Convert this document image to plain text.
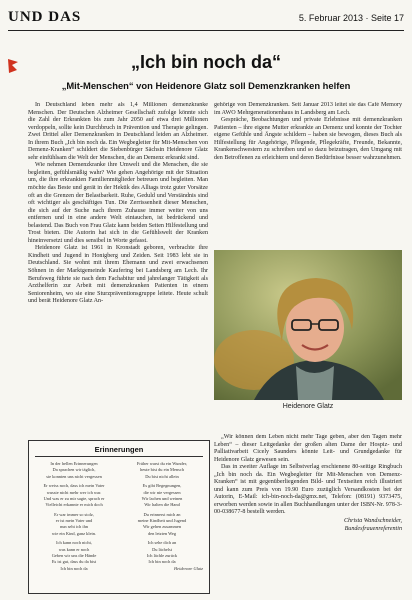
UND DAS	5. Februar 2013 · Seite 17
„Ich bin noch da“
„Mit-Menschen“ von Heidenore Glatz soll Demenzkranken helfen

In Deutschland leben mehr als 1,4 Millionen demenzkranke Menschen. Der Deutschen Alzheimer Gesellschaft zufolge könnte sich die Zahl der Erkrankten bis zum Jahr 2050 auf etwa drei Millionen verdoppeln, sollte kein Durchbruch in Prävention und Therapie gelingen. Zwei Drittel aller Demenzkranken in Deutschland leiden an Alzheimer. In ihrem Buch „Ich bin noch da. Ein Wegbegleiter für Mit-Menschen von Demenz-Kranken“ schildert die Siebenbürger Sächsin Heidenore Glatz sehr einfühlsam die Welt der Menschen, die an Demenz erkrankt sind.

Wie nehmen Demenzkranke ihre Umwelt und die Menschen, die sie begleiten, gefühlsmäßig wahr? Wie gehen Angehörige mit der Situation um, die ihre erkrankten Familienmitglieder betreuen und begleiten. Man möchte das Beste und gerät in der Hektik des Alltags trotz guter Vorsätze oft an die Grenzen der Belastbarkeit. Ruhe, Geduld und Verständnis sind oft wichtiger als geschäftiges Tun. Die Zerrissenheit dieser Menschen, die sich auf der Suche nach ihrem Zuhause immer weiter von uns entfernen und in eine andere Welt eintauchen, ist bedrückend und belastend. Das Buch von Frau Glatz kann beiden Seiten Hilfestellung und Trost bieten. Die Autorin hat sich in die Gefühlswelt der Kranken hineinversetzt und dies sensibel in Worte gefasst.

Heidenore Glatz ist 1961 in Kronstadt geboren, verbrachte ihre Kindheit und Jugend in Honigberg und Zeiden. Seit 1983 lebt sie in Deutschland. Sie wohnt mit ihrem Ehemann und zwei erwachsenen Söhnen in der Marktgemeinde Kaufering bei Landsberg am Lech. Ihr Berufsweg führte sie nach dem Fachabitur und jahrelanger Tätigkeit als Arzthelferin zur Arbeit mit demenzkranken Patienten in einem Seniorenheim, wo sie eine Sturzpräventionsgruppe leitete. Heute schult und berät Heidenore Glatz An-

gehörige von Demenzkranken. Seit Januar 2013 leitet sie das Café Memory im AWO Mehrgenerationenhaus in Landsberg am Lech.

Gespräche, Beobachtungen und private Erlebnisse mit demenzkranken Patienten – ihre eigene Mutter erkrankte an Demenz und konnte der Tochter eigene Gefühle und Ängste schildern – haben sie bewogen, dieses Buch als Hilfestellung für Angehörige, Pflegende, Pflegekräfte, Freunde, Bekannte, Krankenschwestern zu schreiben und so dazu beizutragen, den Umgang mit den Betroffenen zu erleichtern und deren Bedürfnisse besser wahrzunehmen.

Heidenore Glatz

„Wir können dem Leben nicht mehr Tage geben, aber den Tagen mehr Leben“ – dieser Leitgedanke der großen alten Dame der Hospiz- und Palliativarbeit Cicely Saunders könnte Leit- und Grundgedanke für Heidenore Glatz gewesen sein.

Das in zweiter Auflage im Selbstverlag erschienene 80-seitige Ringbuch „Ich bin noch da. Ein Wegbegleiter für Mit-Menschen von Demenz-Kranken“ ist mit gegenüberliegenden Bild- und Textseiten reich illustriert und kann zum Preis von 19.90 Euro zuzüglich Versandkosten bei der Autorin, E-Mail: ich-bin-noch-da@gmx.net, Telefon: (08191) 9373475, erworben werden sowie in allen Buchhandlungen unter der ISBN-Nr. 978-3-00-038677-8 bestellt werden.

Christa Wandschneider,
Bundesfrauenreferentin
Erinnerungen
In der hellen Erinnerungen
Da sprachen wir täglich,
sie konnten uns nicht vergessen
Er weiss noch, dass ich mein Vater
wusste nicht mehr wer ich war.
Und was er zu mir sagte, sprach er
Vielleicht erkannte er mich doch
Er war immer so stolz,
er ist mein Vater und
nun seht ich ihn
wie ein Kind, ganz klein.
Ich kann noch nicht,
was kann er noch
Geben wir uns die Hände
Es ist gut, dass du da bist
Ich bin noch da
Früher warst du ein Wunder,
heute bist du ein Mensch
Du bist nicht allein
Es gibt Begegnungen,
die wir nie vergessen
Wir lachen und weinen
Wir halten die Hand
Du erinnerst mich an
meine Kindheit und Jugend
Wir gehen zusammen
den letzten Weg
Ich sehe dich an
Du lächelst
Ich lächle zurück
Ich bin noch da
Heidenore Glatz
